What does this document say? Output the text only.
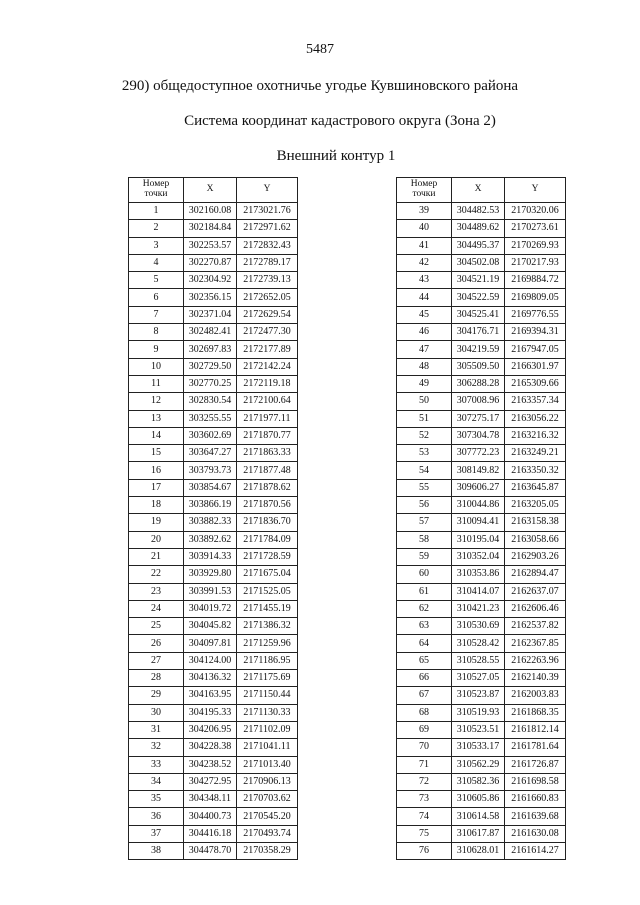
5487
290) общедоступное охотничье угодье Кувшиновского района
Система координат кадастрового округа (Зона 2)
Внешний контур 1
Номер точки	X	Y
1	302160.08	2173021.76
2	302184.84	2172971.62
3	302253.57	2172832.43
4	302270.87	2172789.17
5	302304.92	2172739.13
6	302356.15	2172652.05
7	302371.04	2172629.54
8	302482.41	2172477.30
9	302697.83	2172177.89
10	302729.50	2172142.24
11	302770.25	2172119.18
12	302830.54	2172100.64
13	303255.55	2171977.11
14	303602.69	2171870.77
15	303647.27	2171863.33
16	303793.73	2171877.48
17	303854.67	2171878.62
18	303866.19	2171870.56
19	303882.33	2171836.70
20	303892.62	2171784.09
21	303914.33	2171728.59
22	303929.80	2171675.04
23	303991.53	2171525.05
24	304019.72	2171455.19
25	304045.82	2171386.32
26	304097.81	2171259.96
27	304124.00	2171186.95
28	304136.32	2171175.69
29	304163.95	2171150.44
30	304195.33	2171130.33
31	304206.95	2171102.09
32	304228.38	2171041.11
33	304238.52	2171013.40
34	304272.95	2170906.13
35	304348.11	2170703.62
36	304400.73	2170545.20
37	304416.18	2170493.74
38	304478.70	2170358.29
Номер точки	X	Y
39	304482.53	2170320.06
40	304489.62	2170273.61
41	304495.37	2170269.93
42	304502.08	2170217.93
43	304521.19	2169884.72
44	304522.59	2169809.05
45	304525.41	2169776.55
46	304176.71	2169394.31
47	304219.59	2167947.05
48	305509.50	2166301.97
49	306288.28	2165309.66
50	307008.96	2163357.34
51	307275.17	2163056.22
52	307304.78	2163216.32
53	307772.23	2163249.21
54	308149.82	2163350.32
55	309606.27	2163645.87
56	310044.86	2163205.05
57	310094.41	2163158.38
58	310195.04	2163058.66
59	310352.04	2162903.26
60	310353.86	2162894.47
61	310414.07	2162637.07
62	310421.23	2162606.46
63	310530.69	2162537.82
64	310528.42	2162367.85
65	310528.55	2162263.96
66	310527.05	2162140.39
67	310523.87	2162003.83
68	310519.93	2161868.35
69	310523.51	2161812.14
70	310533.17	2161781.64
71	310562.29	2161726.87
72	310582.36	2161698.58
73	310605.86	2161660.83
74	310614.58	2161639.68
75	310617.87	2161630.08
76	310628.01	2161614.27
